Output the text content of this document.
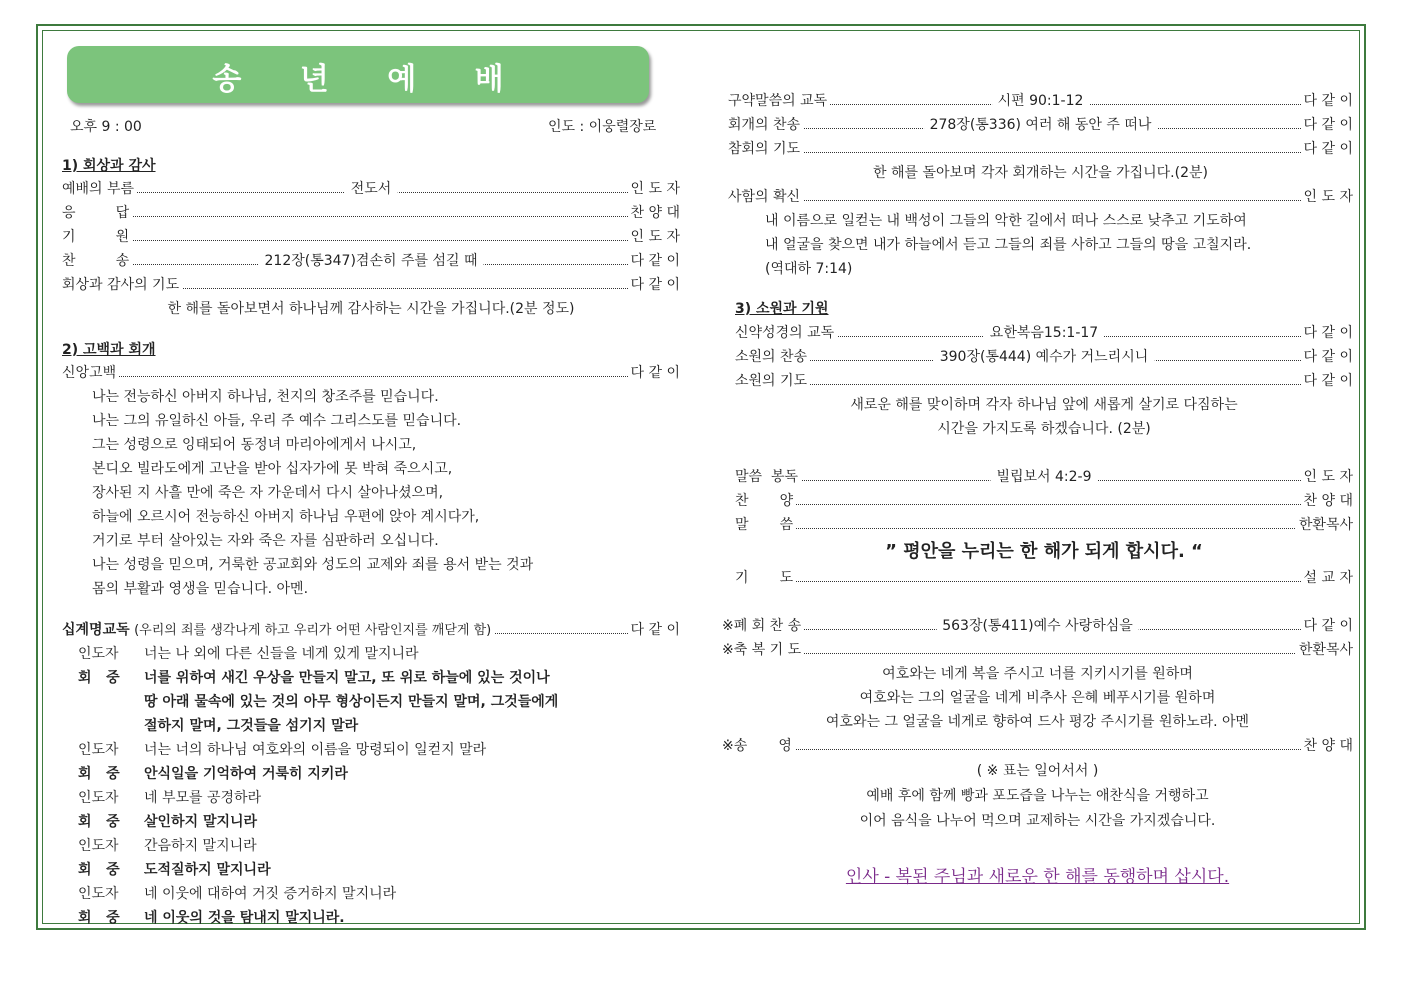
송 년 예 배
오후 9 : 00	인도 : 이웅렬장로
1) 회상과 감사
예배의 부름	전도서	인 도 자
응         답	찬 양 대
기         원	인 도 자
찬         송	212장(통347)겸손히 주를 섬길 때	다 같 이
회상과 감사의 기도	다 같 이
한 해를 돌아보면서 하나님께 감사하는 시간을 가집니다.(2분 정도)
2) 고백과 회개
신앙고백	다 같 이
나는 전능하신 아버지 하나님, 천지의 창조주를 믿습니다.
나는 그의 유일하신 아들, 우리 주 예수 그리스도를 믿습니다.
그는 성령으로 잉태되어 동정녀 마리아에게서 나시고,
본디오 빌라도에게 고난을 받아 십자가에 못 박혀 죽으시고,
장사된 지 사흘 만에 죽은 자 가운데서 다시 살아나셨으며,
하늘에 오르시어 전능하신 아버지 하나님 우편에 앉아 계시다가,
거기로 부터 살아있는 자와 죽은 자를 심판하러 오십니다.
나는 성령을 믿으며, 거룩한 공교회와 성도의 교제와 죄를 용서 받는 것과
몸의 부활과 영생을 믿습니다. 아멘.
십계명교독 (우리의 죄를 생각나게 하고 우리가 어떤 사람인지를 깨닫게 함)	다 같 이
인도자 너는 나 외에 다른 신들을 네게 있게 말지니라
회   중 너를 위하여 새긴 우상을 만들지 말고, 또 위로 하늘에 있는 것이나
땅 아래 물속에 있는 것의 아무 형상이든지 만들지 말며, 그것들에게
절하지 말며, 그것들을 섬기지 말라
인도자 너는 너의 하나님 여호와의 이름을 망령되이 일컫지 말라
회   중 안식일을 기억하여 거룩히 지키라
인도자 네 부모를 공경하라
회   중 살인하지 말지니라
인도자 간음하지 말지니라
회   중 도적질하지 말지니라
인도자 네 이웃에 대하여 거짓 증거하지 말지니라
회   중 네 이웃의 것을 탐내지 말지니라.
구약말씀의 교독	시편 90:1-12	다 같 이
회개의 찬송	278장(통336) 여러 해 동안 주 떠나	다 같 이
참회의 기도	다 같 이
한 해를 돌아보며 각자 회개하는 시간을 가집니다.(2분)
사함의 확신	인 도 자
내 이름으로 일컫는 내 백성이 그들의 악한 길에서 떠나 스스로 낮추고 기도하여
내 얼굴을 찾으면 내가 하늘에서 듣고 그들의 죄를 사하고 그들의 땅을 고칠지라.
(역대하 7:14)
3) 소원과 기원
신약성경의 교독	요한복음15:1-17	다 같 이
소원의 찬송	390장(통444) 예수가 거느리시니	다 같 이
소원의 기도	다 같 이
새로운 해를 맞이하며 각자 하나님 앞에 새롭게 살기로 다짐하는
시간을 가지도록 하겠습니다. (2분)
말씀  봉독	빌립보서 4:2-9	인 도 자
찬       양	찬 양 대
말       씀	한환목사
” 평안을 누리는 한 해가 되게 합시다. “
기       도	설 교 자
※폐 회 찬 송	563장(통411)예수 사랑하심을	다 같 이
※축 복 기 도	한환목사
여호와는 네게 복을 주시고 너를 지키시기를 원하며
여호와는 그의 얼굴을 네게 비추사 은혜 베푸시기를 원하며
여호와는 그 얼굴을 네게로 향하여 드사 평강 주시기를 원하노라. 아멘
※송       영	찬 양 대
( ※ 표는 일어서서 )
예배 후에 함께 빵과 포도즙을 나누는 애찬식을 거행하고
이어 음식을 나누어 먹으며 교제하는 시간을 가지겠습니다.
인사 - 복된 주님과 새로운 한 해를 동행하며 삽시다.
